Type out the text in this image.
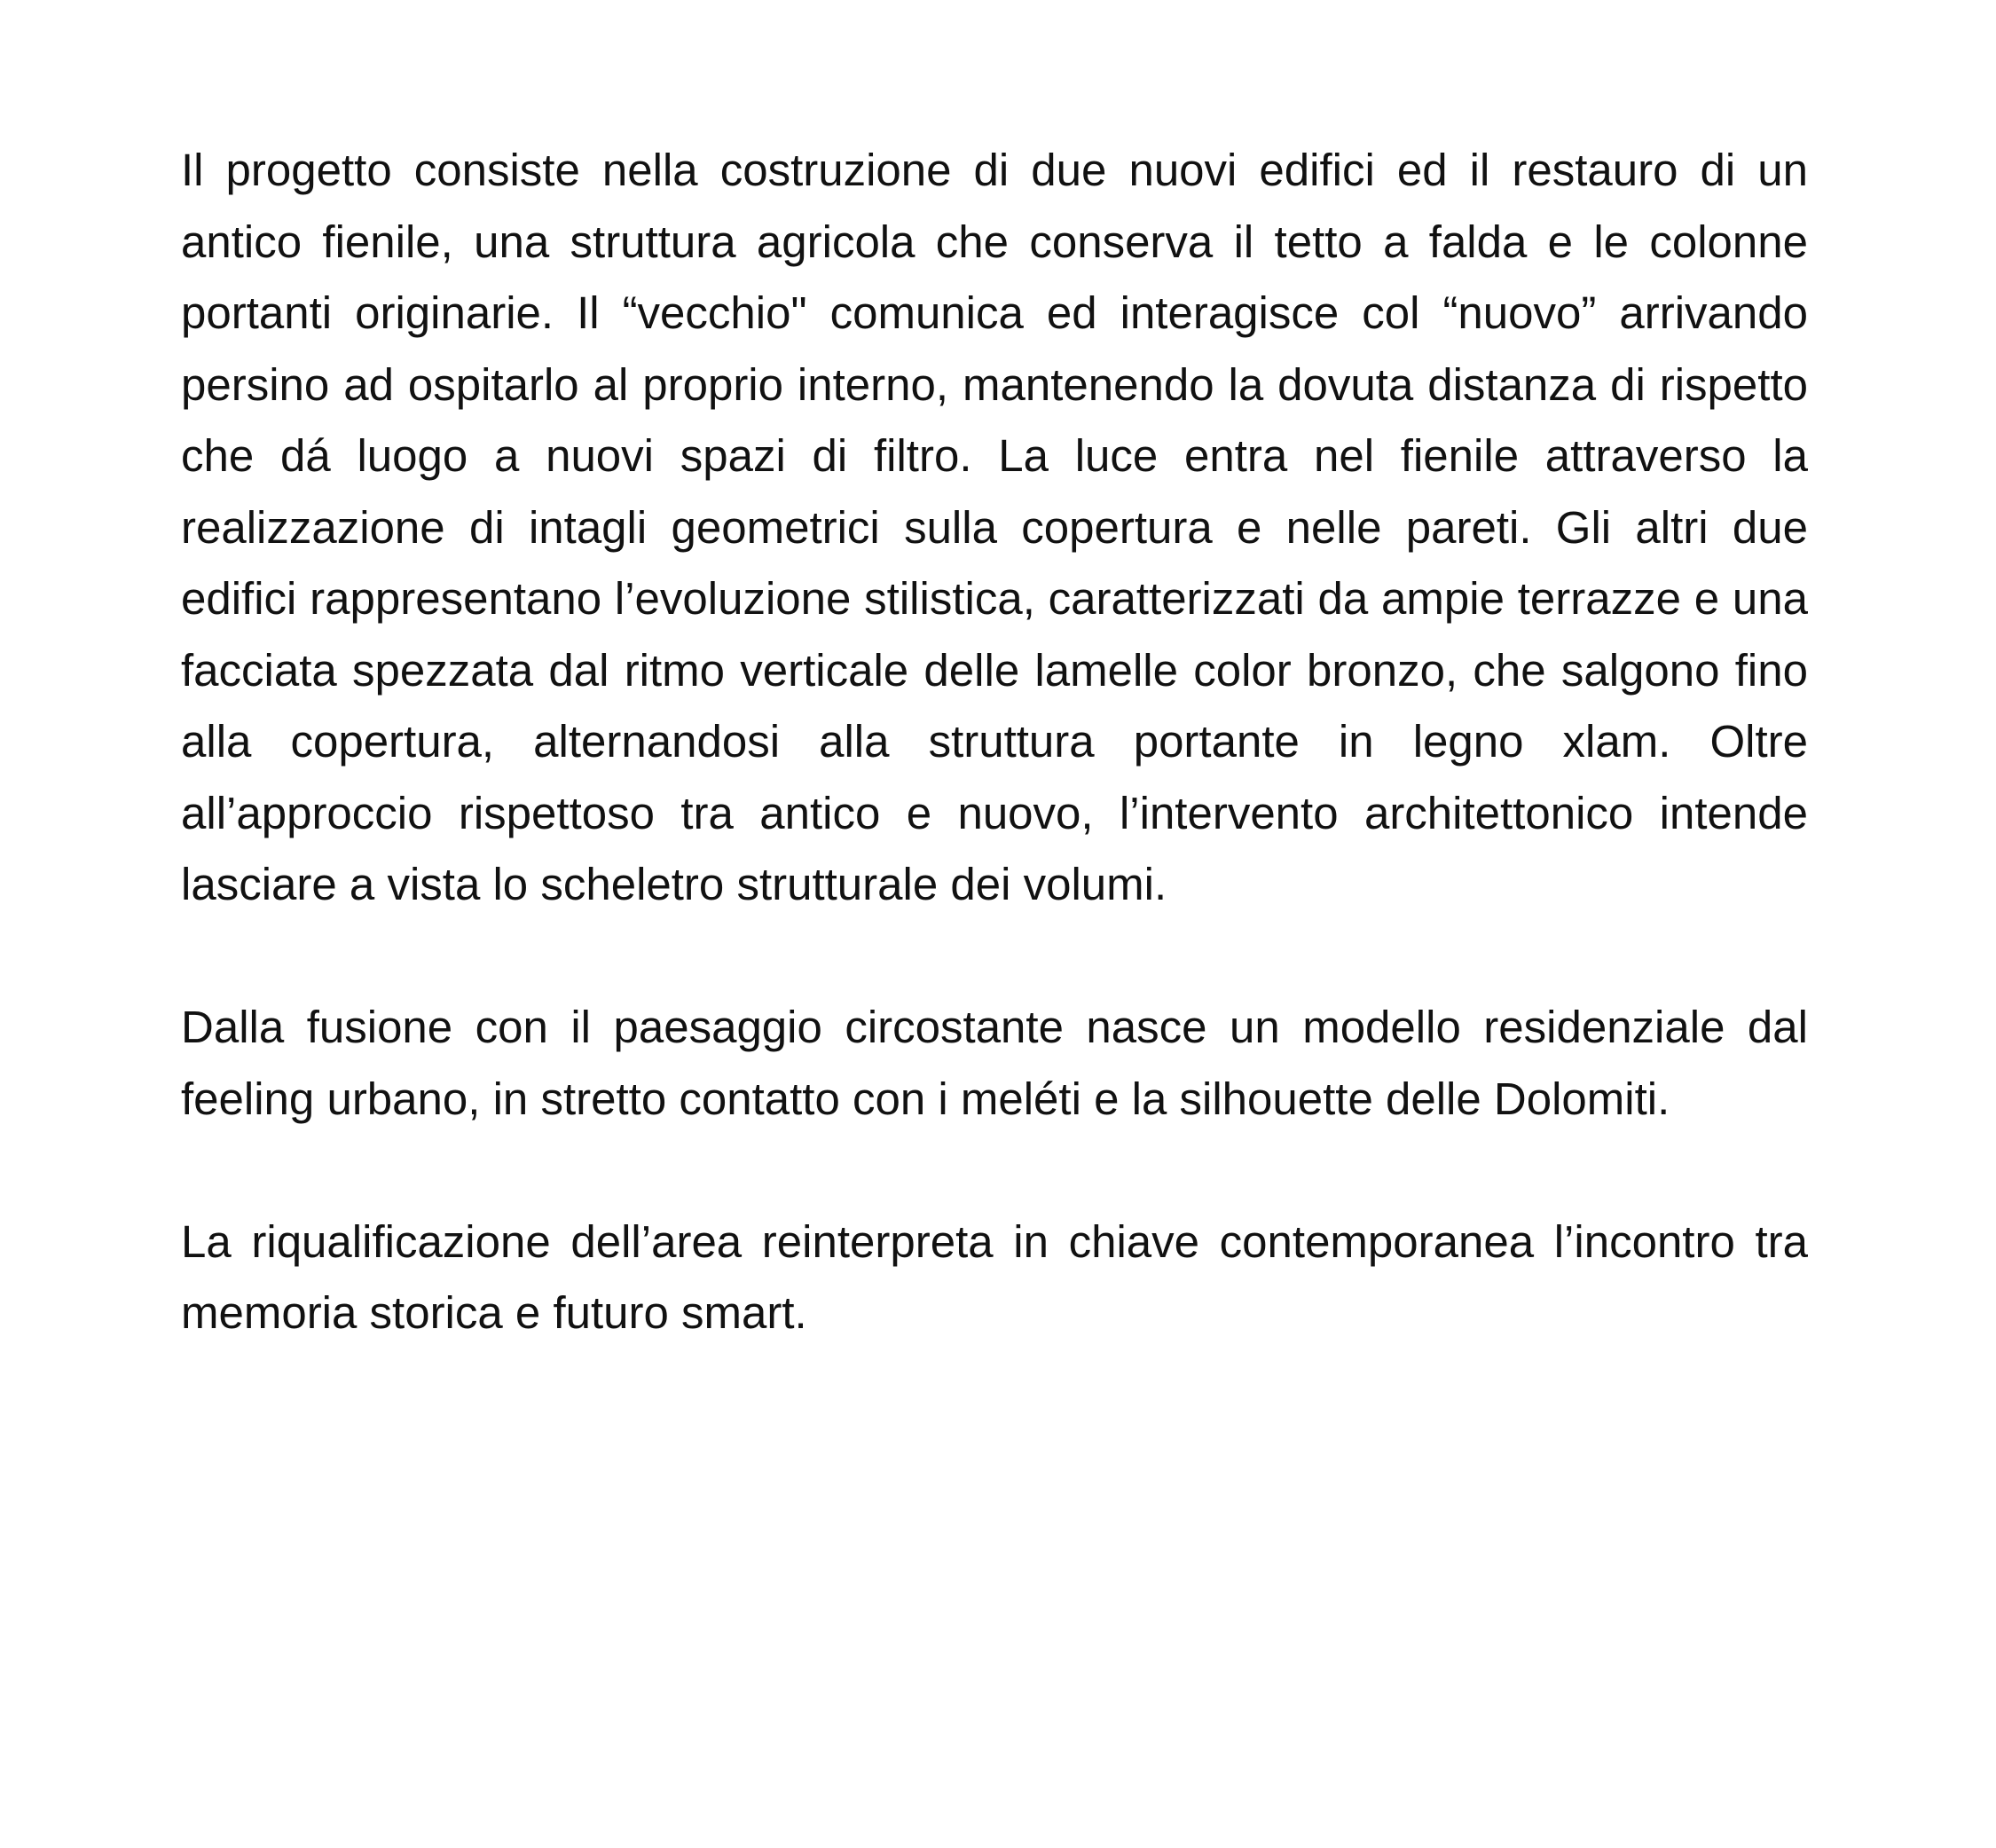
Il progetto consiste nella costruzione di due nuovi edifici ed il restauro di un antico fienile, una struttura agricola che conserva il tetto a falda e le colonne portanti originarie. Il “vecchio" comunica ed interagisce col “nuovo” arrivando persino ad ospitarlo al proprio interno, mantenendo la dovuta distanza di rispetto che dá luogo a nuovi spazi di filtro. La luce entra nel fienile attraverso la realizzazione di intagli geometrici sulla copertura e nelle pareti. Gli altri due edifici rappresentano l’evoluzione stilistica, caratterizzati da ampie terrazze e una facciata spezzata dal ritmo verticale delle lamelle color bronzo, che salgono fino alla copertura, alternandosi alla struttura portante in legno xlam. Oltre all’approccio rispettoso tra antico e nuovo, l’intervento architettonico intende lasciare a vista lo scheletro strutturale dei volumi.

Dalla fusione con il paesaggio circostante nasce un modello residenziale dal feeling urbano, in stretto contatto con i meléti e la silhouette delle Dolomiti.

La riqualificazione dell’area reinterpreta in chiave contemporanea l’incontro tra memoria storica e futuro smart.
